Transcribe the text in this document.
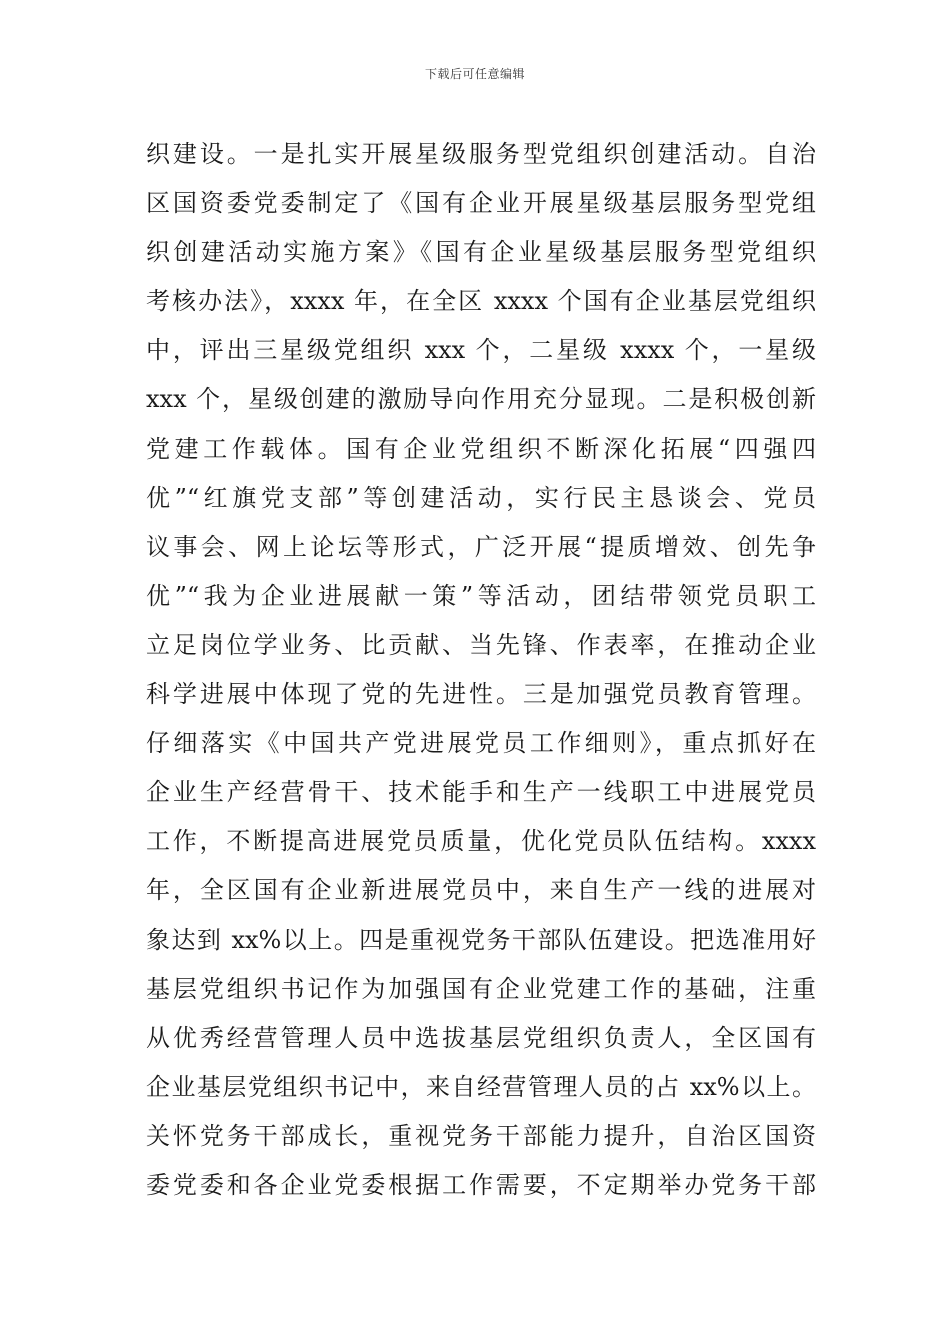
下载后可任意编辑
织建设。一是扎实开展星级服务型党组织创建活动。自治
区国资委党委制定了《国有企业开展星级基层服务型党组
织创建活动实施方案》《国有企业星级基层服务型党组织
考核办法》，xxxx 年，在全区 xxxx 个国有企业基层党组织
中，评出三星级党组织 xxx 个，二星级 xxxx 个，一星级
xxx 个，星级创建的激励导向作用充分显现。二是积极创新
党建工作载体。国有企业党组织不断深化拓展“四强四
优”“红旗党支部”等创建活动，实行民主恳谈会、党员
议事会、网上论坛等形式，广泛开展“提质增效、创先争
优”“我为企业进展献一策”等活动，团结带领党员职工
立足岗位学业务、比贡献、当先锋、作表率，在推动企业
科学进展中体现了党的先进性。三是加强党员教育管理。
仔细落实《中国共产党进展党员工作细则》，重点抓好在
企业生产经营骨干、技术能手和生产一线职工中进展党员
工作，不断提高进展党员质量，优化党员队伍结构。xxxx
年，全区国有企业新进展党员中，来自生产一线的进展对
象达到 xx%以上。四是重视党务干部队伍建设。把选准用好
基层党组织书记作为加强国有企业党建工作的基础，注重
从优秀经营管理人员中选拔基层党组织负责人，全区国有
企业基层党组织书记中，来自经营管理人员的占 xx%以上。
关怀党务干部成长，重视党务干部能力提升，自治区国资
委党委和各企业党委根据工作需要，不定期举办党务干部
